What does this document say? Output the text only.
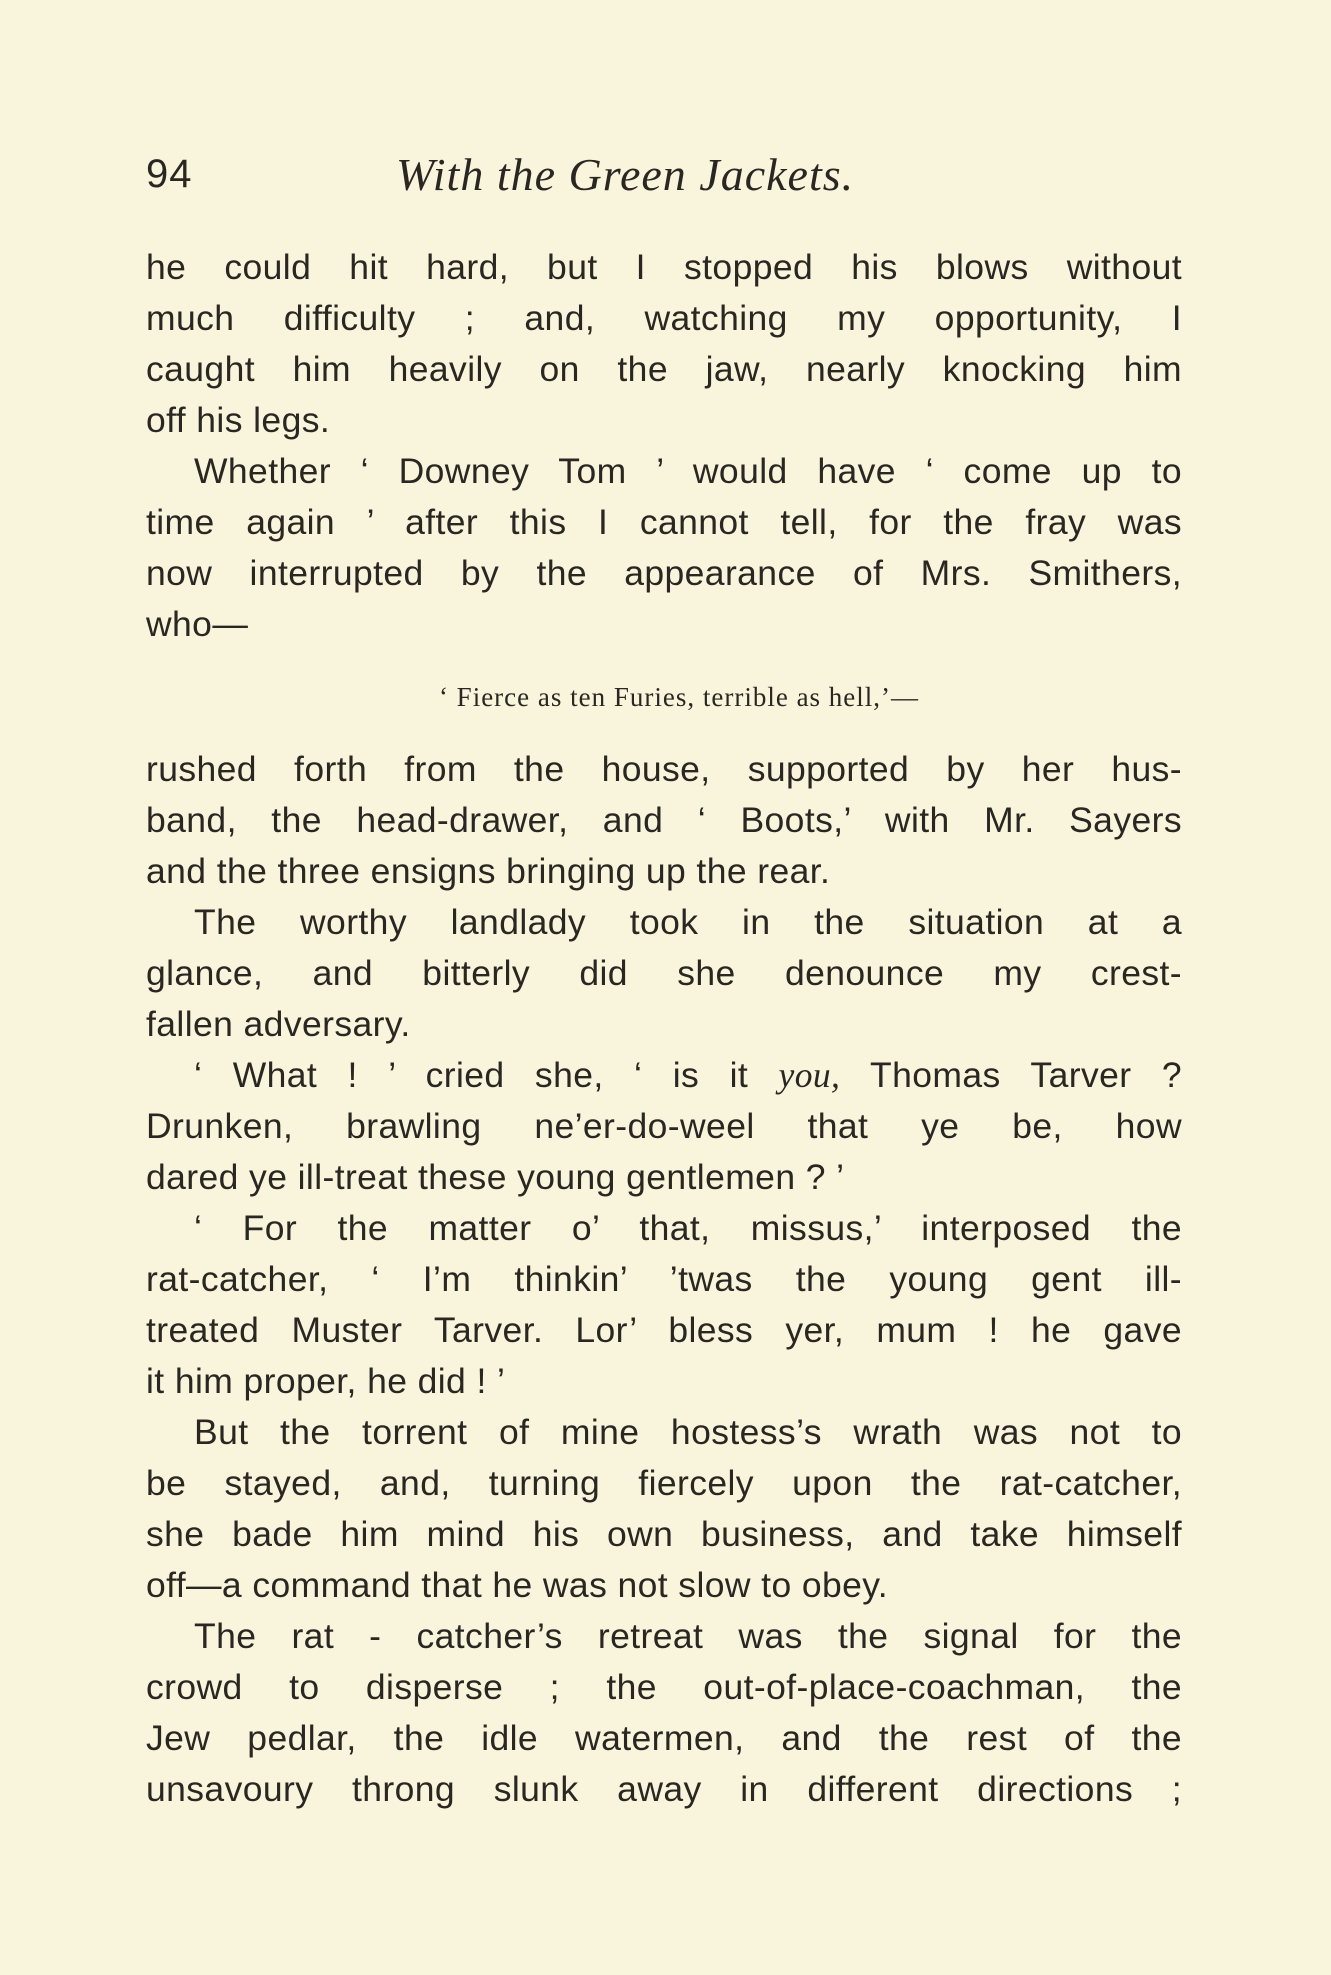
94	With the Green Jackets.
he could hit hard, but I stopped his blows without
much difficulty ; and, watching my opportunity, I
caught him heavily on the jaw, nearly knocking him
off his legs.
Whether ‘ Downey Tom ’ would have ‘ come up to
time again ’ after this I cannot tell, for the fray was
now interrupted by the appearance of Mrs. Smithers,
who—
‘ Fierce as ten Furies, terrible as hell,’—
rushed forth from the house, supported by her hus-
band, the head-drawer, and ‘ Boots,’ with Mr. Sayers
and the three ensigns bringing up the rear.
The worthy landlady took in the situation at a
glance, and bitterly did she denounce my crest-
fallen adversary.
‘ What ! ’ cried she, ‘ is it you, Thomas Tarver ?
Drunken, brawling ne’er-do-weel that ye be, how
dared ye ill-treat these young gentlemen ? ’
‘ For the matter o’ that, missus,’ interposed the
rat-catcher, ‘ I’m thinkin’ ’twas the young gent ill-
treated Muster Tarver. Lor’ bless yer, mum ! he gave
it him proper, he did ! ’
But the torrent of mine hostess’s wrath was not to
be stayed, and, turning fiercely upon the rat-catcher,
she bade him mind his own business, and take himself
off—a command that he was not slow to obey.
The rat - catcher’s retreat was the signal for the
crowd to disperse ; the out-of-place-coachman, the
Jew pedlar, the idle watermen, and the rest of the
unsavoury throng slunk away in different directions ;
